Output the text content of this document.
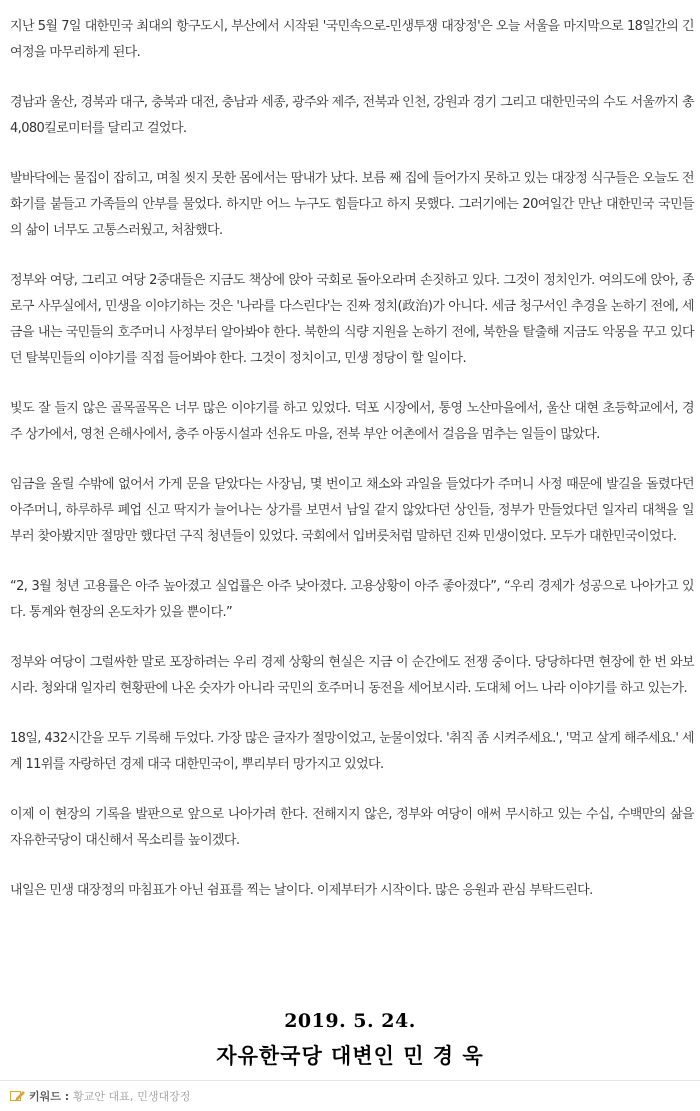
지난 5월 7일 대한민국 최대의 항구도시, 부산에서 시작된 '국민속으로-민생투쟁 대장정'은 오늘 서울을 마지막으로 18일간의 긴 여정을 마무리하게 된다.

경남과 울산, 경북과 대구, 충북과 대전, 충남과 세종, 광주와 제주, 전북과 인천, 강원과 경기 그리고 대한민국의 수도 서울까지 총 4,080킬로미터를 달리고 걸었다.

발바닥에는 물집이 잡히고, 며칠 씻지 못한 몸에서는 땀내가 났다. 보름 째 집에 들어가지 못하고 있는 대장정 식구들은 오늘도 전화기를 붙들고 가족들의 안부를 물었다. 하지만 어느 누구도 힘들다고 하지 못했다. 그러기에는 20여일간 만난 대한민국 국민들의 삶이 너무도 고통스러웠고, 처참했다.

정부와 여당, 그리고 여당 2중대들은 지금도 책상에 앉아 국회로 돌아오라며 손짓하고 있다. 그것이 정치인가. 여의도에 앉아, 종로구 사무실에서, 민생을 이야기하는 것은 '나라를 다스린다'는 진짜 정치(政治)가 아니다. 세금 청구서인 추경을 논하기 전에, 세금을 내는 국민들의 호주머니 사정부터 알아봐야 한다. 북한의 식량 지원을 논하기 전에, 북한을 탈출해 지금도 악몽을 꾸고 있다던 탈북민들의 이야기를 직접 들어봐야 한다. 그것이 정치이고, 민생 정당이 할 일이다.

빛도 잘 들지 않은 골목골목은 너무 많은 이야기를 하고 있었다. 덕포 시장에서, 통영 노산마을에서, 울산 대현 초등학교에서, 경주 상가에서, 영천 은해사에서, 충주 아동시설과 선유도 마을, 전북 부안 어촌에서 걸음을 멈추는 일들이 많았다.

임금을 올릴 수밖에 없어서 가게 문을 닫았다는 사장님, 몇 번이고 채소와 과일을 들었다가 주머니 사정 때문에 발길을 돌렸다던 아주머니, 하루하루 폐업 신고 딱지가 늘어나는 상가를 보면서 남일 같지 않았다던 상인들, 정부가 만들었다던 일자리 대책을 일부러 찾아봤지만 절망만 했다던 구직 청년들이 있었다. 국회에서 입버릇처럼 말하던 진짜 민생이었다. 모두가 대한민국이었다.

“2, 3월 청년 고용률은 아주 높아졌고 실업률은 아주 낮아졌다. 고용상황이 아주 좋아졌다”, “우리 경제가 성공으로 나아가고 있다. 통계와 현장의 온도차가 있을 뿐이다.”

정부와 여당이 그럴싸한 말로 포장하려는 우리 경제 상황의 현실은 지금 이 순간에도 전쟁 중이다. 당당하다면 현장에 한 번 와보시라. 청와대 일자리 현황판에 나온 숫자가 아니라 국민의 호주머니 동전을 세어보시라. 도대체 어느 나라 이야기를 하고 있는가.

18일, 432시간을 모두 기록해 두었다. 가장 많은 글자가 절망이었고, 눈물이었다. '취직 좀 시켜주세요.', '먹고 살게 해주세요.' 세계 11위를 자랑하던 경제 대국 대한민국이, 뿌리부터 망가지고 있었다.

이제 이 현장의 기록을 발판으로 앞으로 나아가려 한다. 전해지지 않은, 정부와 여당이 애써 무시하고 있는 수십, 수백만의 삶을 자유한국당이 대신해서 목소리를 높이겠다.

내일은 민생 대장정의 마침표가 아닌 쉼표를 찍는 날이다. 이제부터가 시작이다. 많은 응원과 관심 부탁드린다.

2019. 5. 24.
자유한국당 대변인 민 경 욱
키워드 : 황교안 대표 , 민생대장정
